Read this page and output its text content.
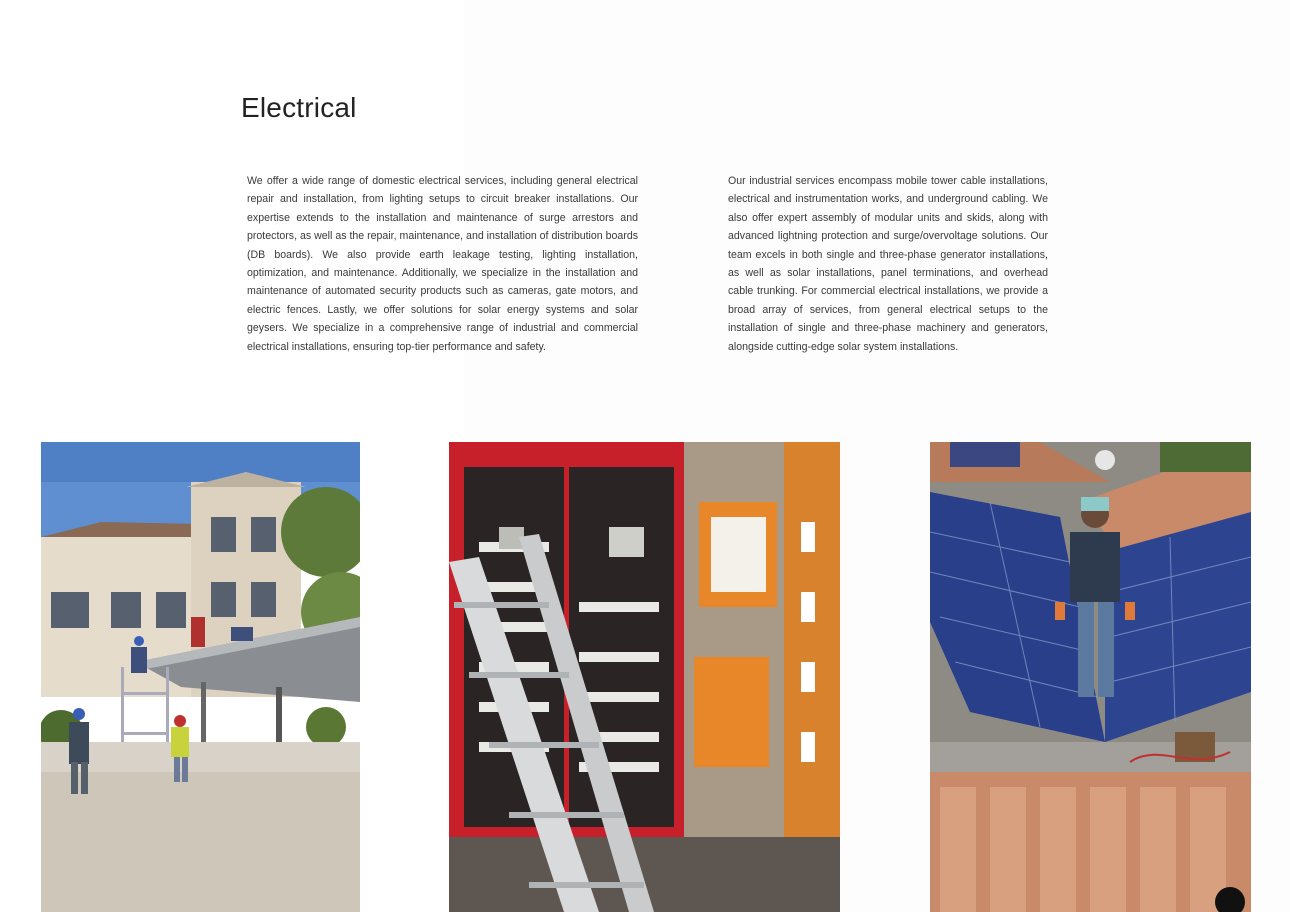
Electrical

We offer a wide range of domestic electrical services, including general electrical repair and installation, from lighting setups to circuit breaker installations. Our expertise extends to the installation and maintenance of surge arrestors and protectors, as well as the repair, maintenance, and installation of distribution boards (DB boards). We also provide earth leakage testing, lighting installation, optimization, and maintenance. Additionally, we specialize in the installation and maintenance of automated security products such as cameras, gate motors, and electric fences. Lastly, we offer solutions for solar energy systems and solar geysers. We specialize in a comprehensive range of industrial and commercial electrical installations, ensuring top-tier performance and safety.

Our industrial services encompass mobile tower cable installations, electrical and instrumentation works, and underground cabling. We also offer expert assembly of modular units and skids, along with advanced lightning protection and surge/overvoltage solutions. Our team excels in both single and three-phase generator installations, as well as solar installations, panel terminations, and overhead cable trunking. For commercial electrical installations, we provide a broad array of services, from general electrical setups to the installation of single and three-phase machinery and generators, alongside cutting-edge solar system installations.
